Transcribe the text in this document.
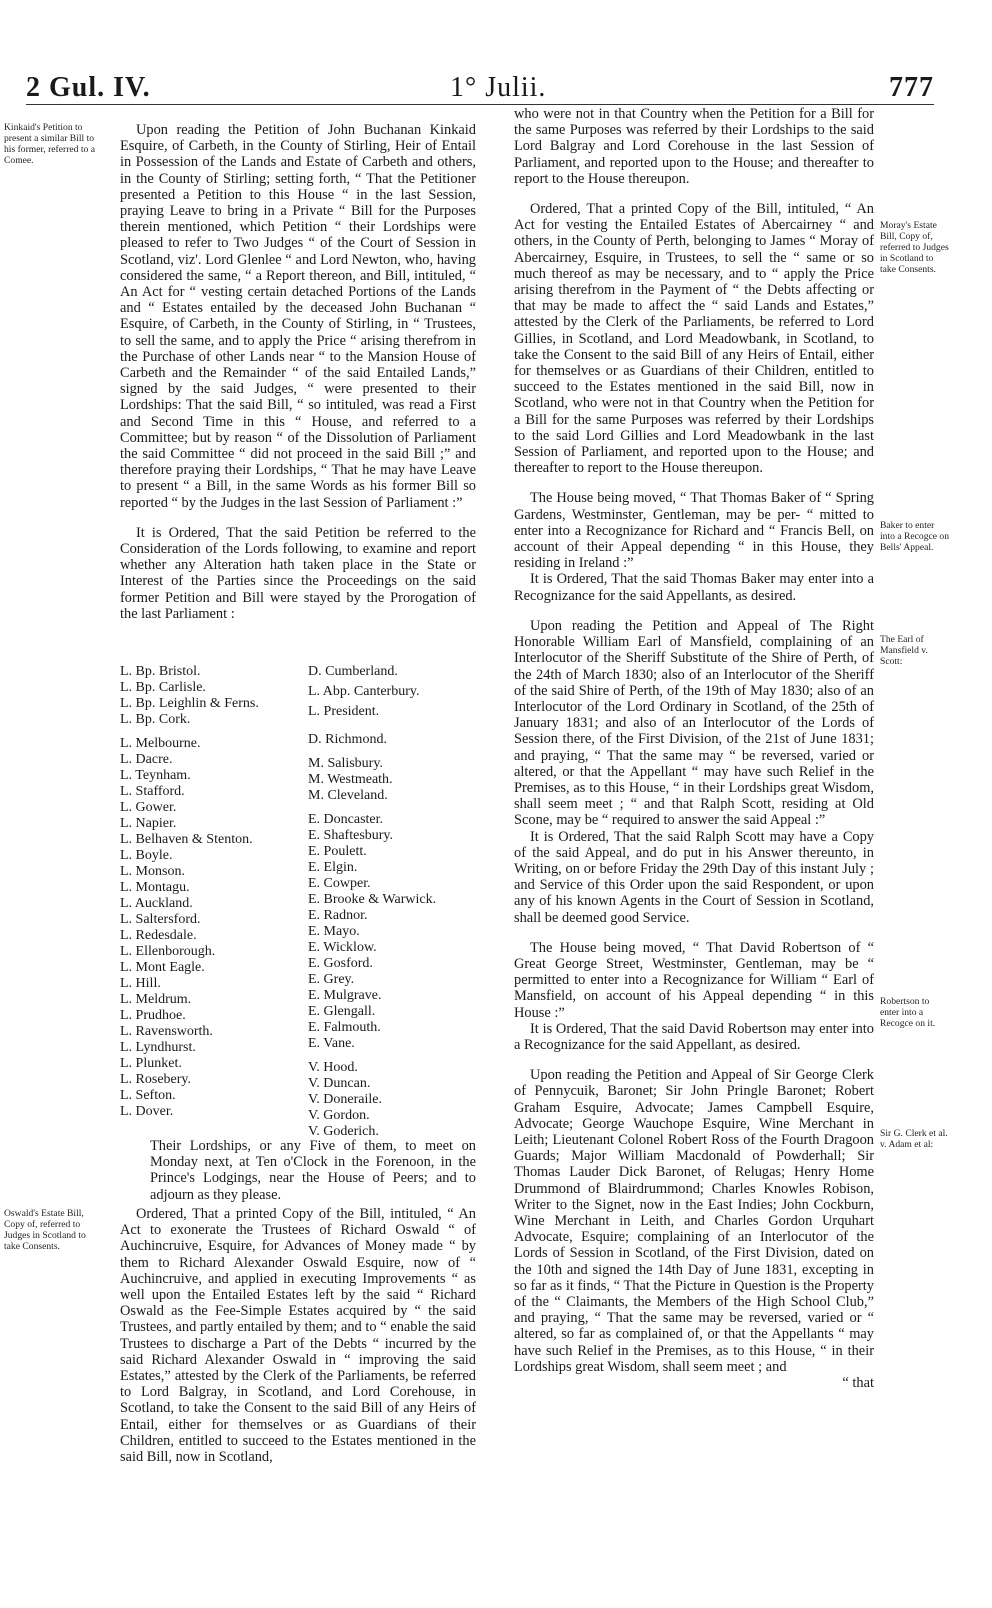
2 Gul. IV.	1° Julii.	777
Kinkaid's Petition to present a similar Bill to his former, referred to a Comee.
Oswald's Estate Bill, Copy of, referred to Judges in Scotland to take Consents.

Upon reading the Petition of John Buchanan Kinkaid Esquire, of Carbeth, in the County of Stirling, Heir of Entail in Possession of the Lands and Estate of Carbeth and others, in the County of Stirling; setting forth, “ That the Petitioner presented a Petition to this House “ in the last Session, praying Leave to bring in a Private “ Bill for the Purposes therein mentioned, which Petition “ their Lordships were pleased to refer to Two Judges “ of the Court of Session in Scotland, viz'. Lord Glenlee “ and Lord Newton, who, having considered the same, “ a Report thereon, and Bill, intituled, “ An Act for “ vesting certain detached Portions of the Lands and “ Estates entailed by the deceased John Buchanan “ Esquire, of Carbeth, in the County of Stirling, in “ Trustees, to sell the same, and to apply the Price “ arising therefrom in the Purchase of other Lands near “ to the Mansion House of Carbeth and the Remainder “ of the said Entailed Lands,” signed by the said Judges, “ were presented to their Lordships: That the said Bill, “ so intituled, was read a First and Second Time in this “ House, and referred to a Committee; but by reason “ of the Dissolution of Parliament the said Committee “ did not proceed in the said Bill ;” and therefore praying their Lordships, “ That he may have Leave to present “ a Bill, in the same Words as his former Bill so reported “ by the Judges in the last Session of Parliament :”

It is Ordered, That the said Petition be referred to the Consideration of the Lords following, to examine and report whether any Alteration hath taken place in the State or Interest of the Parties since the Proceedings on the said former Petition and Bill were stayed by the Prorogation of the last Parliament :

L. Bp. Bristol.
L. Bp. Carlisle.
L. Bp. Leighlin & Ferns.
L. Bp. Cork.
L. Melbourne.
L. Dacre.
L. Teynham.
L. Stafford.
L. Gower.
L. Napier.
L. Belhaven & Stenton.
L. Boyle.
L. Monson.
L. Montagu.
L. Auckland.
L. Saltersford.
L. Redesdale.
L. Ellenborough.
L. Mont Eagle.
L. Hill.
L. Meldrum.
L. Prudhoe.
L. Ravensworth.
L. Lyndhurst.
L. Plunket.
L. Rosebery.
L. Sefton.
L. Dover.
D. Cumberland.
L. Abp. Canterbury.
L. President.
D. Richmond.
M. Salisbury.
M. Westmeath.
M. Cleveland.
E. Doncaster.
E. Shaftesbury.
E. Poulett.
E. Elgin.
E. Cowper.
E. Brooke & Warwick.
E. Radnor.
E. Mayo.
E. Wicklow.
E. Gosford.
E. Grey.
E. Mulgrave.
E. Glengall.
E. Falmouth.
E. Vane.
V. Hood.
V. Duncan.
V. Doneraile.
V. Gordon.
V. Goderich.
Their Lordships, or any Five of them, to meet on Monday next, at Ten o'Clock in the Forenoon, in the Prince's Lodgings, near the House of Peers; and to adjourn as they please.

Ordered, That a printed Copy of the Bill, intituled, “ An Act to exonerate the Trustees of Richard Oswald “ of Auchincruive, Esquire, for Advances of Money made “ by them to Richard Alexander Oswald Esquire, now of “ Auchincruive, and applied in executing Improvements “ as well upon the Entailed Estates left by the said “ Richard Oswald as the Fee-Simple Estates acquired by “ the said Trustees, and partly entailed by them; and to “ enable the said Trustees to discharge a Part of the Debts “ incurred by the said Richard Alexander Oswald in “ improving the said Estates,” attested by the Clerk of the Parliaments, be referred to Lord Balgray, in Scotland, and Lord Corehouse, in Scotland, to take the Consent to the said Bill of any Heirs of Entail, either for themselves or as Guardians of their Children, entitled to succeed to the Estates mentioned in the said Bill, now in Scotland,

Moray's Estate Bill, Copy of, referred to Judges in Scotland to take Consents.
Baker to enter into a Recogce on Bells' Appeal.
The Earl of Mansfield v. Scott:
Robertson to enter into a Recogce on it.
Sir G. Clerk et al. v. Adam et al:

who were not in that Country when the Petition for a Bill for the same Purposes was referred by their Lordships to the said Lord Balgray and Lord Corehouse in the last Session of Parliament, and reported upon to the House; and thereafter to report to the House thereupon.

Ordered, That a printed Copy of the Bill, intituled, “ An Act for vesting the Entailed Estates of Abercairney “ and others, in the County of Perth, belonging to James “ Moray of Abercairney, Esquire, in Trustees, to sell the “ same or so much thereof as may be necessary, and to “ apply the Price arising therefrom in the Payment of “ the Debts affecting or that may be made to affect the “ said Lands and Estates,” attested by the Clerk of the Parliaments, be referred to Lord Gillies, in Scotland, and Lord Meadowbank, in Scotland, to take the Consent to the said Bill of any Heirs of Entail, either for themselves or as Guardians of their Children, entitled to succeed to the Estates mentioned in the said Bill, now in Scotland, who were not in that Country when the Petition for a Bill for the same Purposes was referred by their Lordships to the said Lord Gillies and Lord Meadowbank in the last Session of Parliament, and reported upon to the House; and thereafter to report to the House thereupon.

The House being moved, “ That Thomas Baker of “ Spring Gardens, Westminster, Gentleman, may be per- “ mitted to enter into a Recognizance for Richard and “ Francis Bell, on account of their Appeal depending “ in this House, they residing in Ireland :”

It is Ordered, That the said Thomas Baker may enter into a Recognizance for the said Appellants, as desired.

Upon reading the Petition and Appeal of The Right Honorable William Earl of Mansfield, complaining of an Interlocutor of the Sheriff Substitute of the Shire of Perth, of the 24th of March 1830; also of an Interlocutor of the Sheriff of the said Shire of Perth, of the 19th of May 1830; also of an Interlocutor of the Lord Ordinary in Scotland, of the 25th of January 1831; and also of an Interlocutor of the Lords of Session there, of the First Division, of the 21st of June 1831; and praying, “ That the same may “ be reversed, varied or altered, or that the Appellant “ may have such Relief in the Premises, as to this House, “ in their Lordships great Wisdom, shall seem meet ; “ and that Ralph Scott, residing at Old Scone, may be “ required to answer the said Appeal :”

It is Ordered, That the said Ralph Scott may have a Copy of the said Appeal, and do put in his Answer thereunto, in Writing, on or before Friday the 29th Day of this instant July ; and Service of this Order upon the said Respondent, or upon any of his known Agents in the Court of Session in Scotland, shall be deemed good Service.

The House being moved, “ That David Robertson of “ Great George Street, Westminster, Gentleman, may be “ permitted to enter into a Recognizance for William “ Earl of Mansfield, on account of his Appeal depending “ in this House :”

It is Ordered, That the said David Robertson may enter into a Recognizance for the said Appellant, as desired.

Upon reading the Petition and Appeal of Sir George Clerk of Pennycuik, Baronet; Sir John Pringle Baronet; Robert Graham Esquire, Advocate; James Campbell Esquire, Advocate; George Wauchope Esquire, Wine Merchant in Leith; Lieutenant Colonel Robert Ross of the Fourth Dragoon Guards; Major William Macdonald of Powderhall; Sir Thomas Lauder Dick Baronet, of Relugas; Henry Home Drummond of Blairdrummond; Charles Knowles Robison, Writer to the Signet, now in the East Indies; John Cockburn, Wine Merchant in Leith, and Charles Gordon Urquhart Advocate, Esquire; complaining of an Interlocutor of the Lords of Session in Scotland, of the First Division, dated on the 10th and signed the 14th Day of June 1831, excepting in so far as it finds, “ That the Picture in Question is the Property of the “ Claimants, the Members of the High School Club,” and praying, “ That the same may be reversed, varied or “ altered, so far as complained of, or that the Appellants “ may have such Relief in the Premises, as to this House, “ in their Lordships great Wisdom, shall seem meet ; and

“ that
